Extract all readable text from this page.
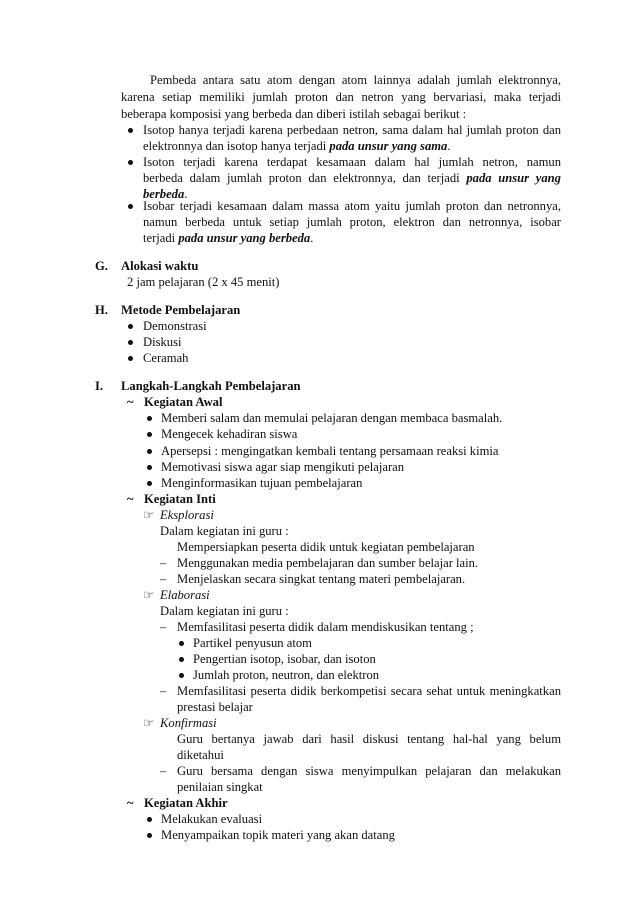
Pembeda antara satu atom dengan atom lainnya adalah jumlah elektronnya,
karena setiap memiliki jumlah proton dan netron yang bervariasi, maka terjadi
beberapa komposisi yang berbeda dan diberi istilah sebagai berikut :
Isotop hanya terjadi karena perbedaan netron, sama dalam hal jumlah proton dan
elektronnya dan isotop hanya terjadi pada unsur yang sama.
Isoton terjadi karena terdapat kesamaan dalam hal jumlah netron, namun
berbeda dalam jumlah proton dan elektronnya, dan terjadi pada unsur yang
berbeda.
Isobar terjadi kesamaan dalam massa atom yaitu jumlah proton dan netronnya,
namun berbeda untuk setiap jumlah proton, elektron dan netronnya, isobar
terjadi pada unsur yang berbeda.
G. Alokasi waktu
2 jam pelajaran (2 x 45 menit)
H. Metode Pembelajaran
Demonstrasi
Diskusi
Ceramah
I. Langkah-Langkah Pembelajaran
~ Kegiatan Awal
Memberi salam dan memulai pelajaran dengan membaca basmalah.
Mengecek kehadiran siswa
Apersepsi : mengingatkan kembali tentang persamaan reaksi kimia
Memotivasi siswa agar siap mengikuti pelajaran
Menginformasikan tujuan pembelajaran
~ Kegiatan Inti
☞ Eksplorasi
Dalam kegiatan ini guru :
Mempersiapkan peserta didik untuk kegiatan pembelajaran
– Menggunakan media pembelajaran dan sumber belajar lain.
– Menjelaskan secara singkat tentang materi pembelajaran.
☞ Elaborasi
Dalam kegiatan ini guru :
– Memfasilitasi peserta didik dalam mendiskusikan tentang ;
Partikel penyusun atom
Pengertian isotop, isobar, dan isoton
Jumlah proton, neutron, dan elektron
– Memfasilitasi peserta didik berkompetisi secara sehat untuk meningkatkan
prestasi belajar
☞ Konfirmasi
Guru bertanya jawab dari hasil diskusi tentang hal-hal yang belum
diketahui
– Guru bersama dengan siswa menyimpulkan pelajaran dan melakukan
penilaian singkat
~ Kegiatan Akhir
Melakukan evaluasi
Menyampaikan topik materi yang akan datang
